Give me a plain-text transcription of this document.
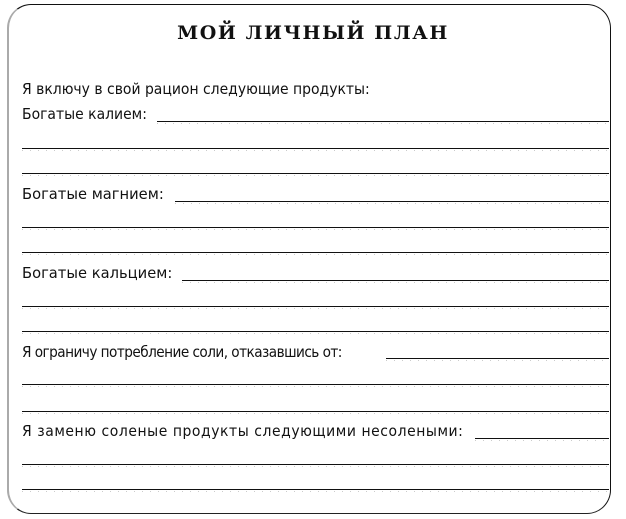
МОЙ ЛИЧНЫЙ ПЛАН
Я включу в свой рацион следующие продукты:
Богатые калием:
Богатые магнием:
Богатые кальцием:
Я ограничу потребление соли, отказавшись от:
Я заменю соленые продукты следующими несолеными:
